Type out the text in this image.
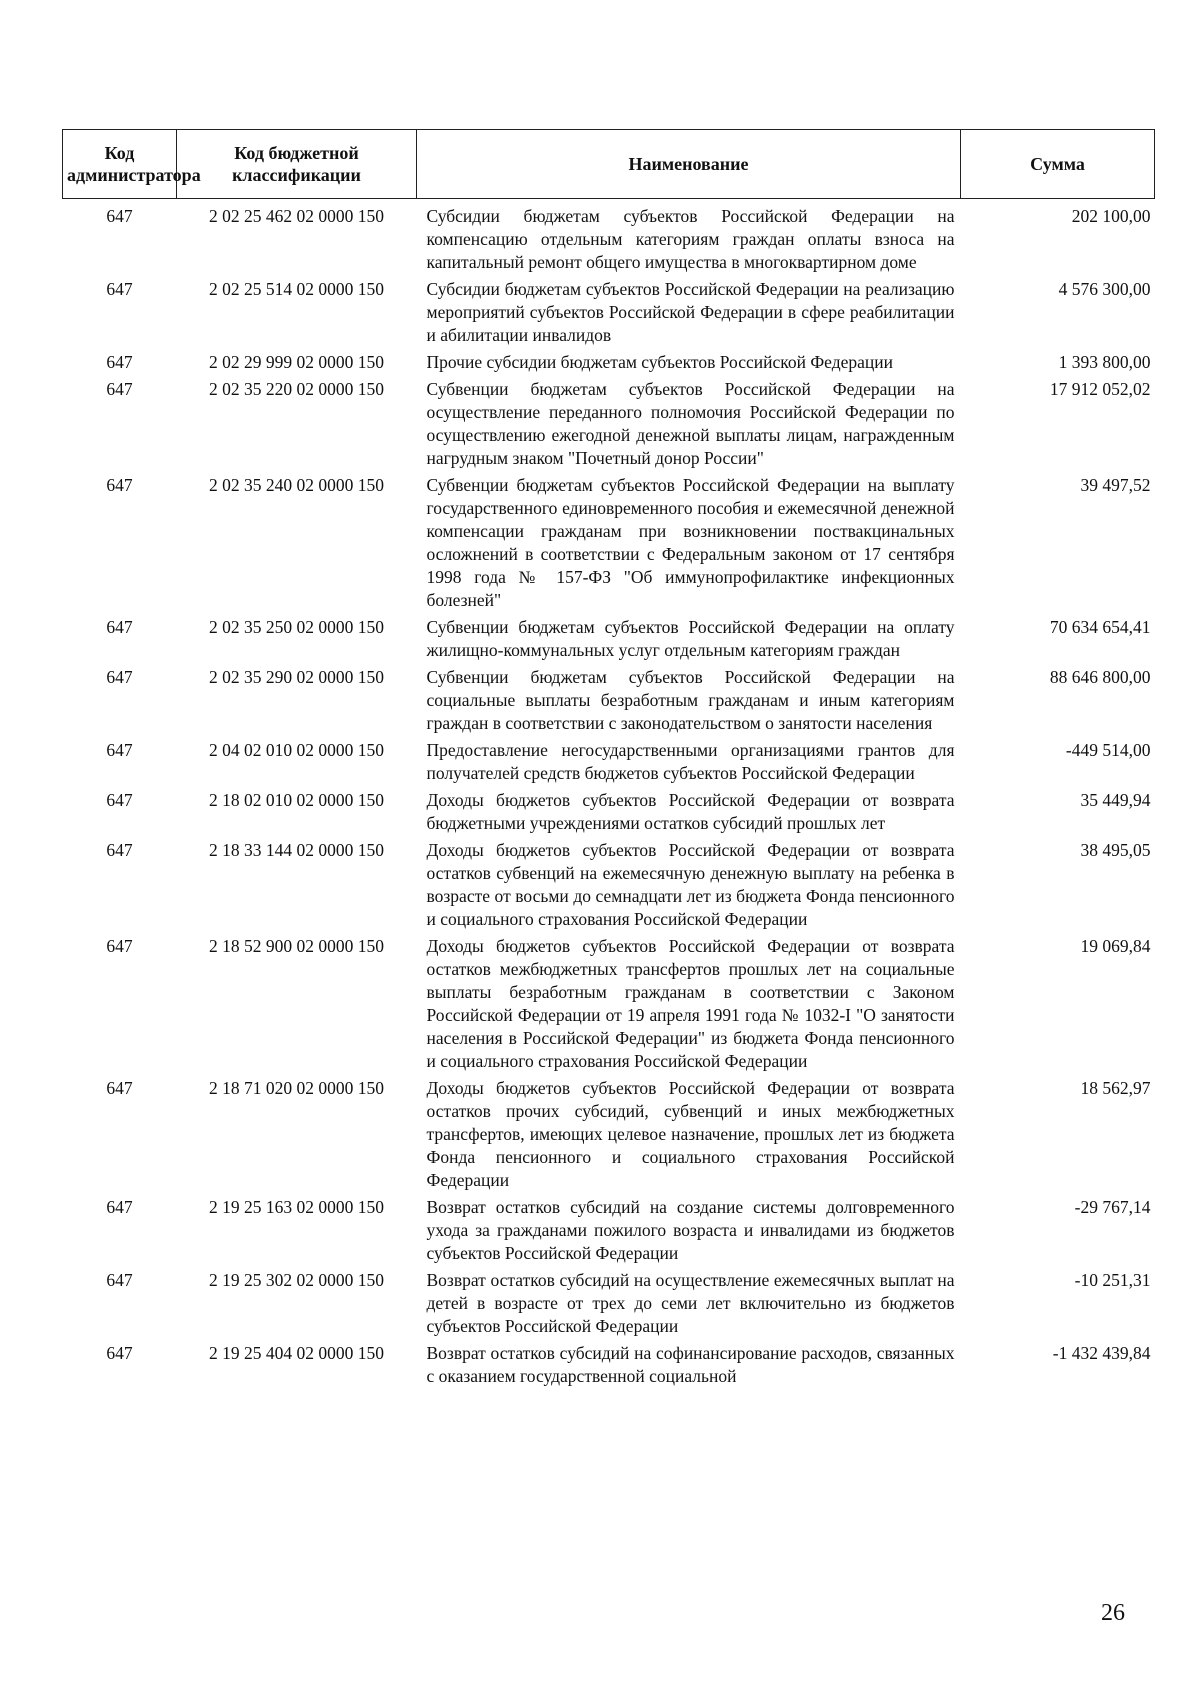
Код администратора	Код бюджетной классификации	Наименование	Сумма
647	2 02 25 462 02 0000 150	Субсидии бюджетам субъектов Российской Федерации на компенсацию отдельным категориям граждан оплаты взноса на капитальный ремонт общего имущества в многоквартирном доме	202 100,00
647	2 02 25 514 02 0000 150	Субсидии бюджетам субъектов Российской Федерации на реализацию мероприятий субъектов Российской Федерации в сфере реабилитации и абилитации инвалидов	4 576 300,00
647	2 02 29 999 02 0000 150	Прочие субсидии бюджетам субъектов Российской Федерации	1 393 800,00
647	2 02 35 220 02 0000 150	Субвенции бюджетам субъектов Российской Федерации на осуществление переданного полномочия Российской Федерации по осуществлению ежегодной денежной выплаты лицам, награжденным нагрудным знаком "Почетный донор России"	17 912 052,02
647	2 02 35 240 02 0000 150	Субвенции бюджетам субъектов Российской Федерации на выплату государственного единовременного пособия и ежемесячной денежной компенсации гражданам при возникновении поствакцинальных осложнений в соответствии с Федеральным законом от 17 сентября 1998 года № 157-ФЗ "Об иммунопрофилактике инфекционных болезней"	39 497,52
647	2 02 35 250 02 0000 150	Субвенции бюджетам субъектов Российской Федерации на оплату жилищно-коммунальных услуг отдельным категориям граждан	70 634 654,41
647	2 02 35 290 02 0000 150	Субвенции бюджетам субъектов Российской Федерации на социальные выплаты безработным гражданам и иным категориям граждан в соответствии с законодательством о занятости населения	88 646 800,00
647	2 04 02 010 02 0000 150	Предоставление негосударственными организациями грантов для получателей средств бюджетов субъектов Российской Федерации	-449 514,00
647	2 18 02 010 02 0000 150	Доходы бюджетов субъектов Российской Федерации от возврата бюджетными учреждениями остатков субсидий прошлых лет	35 449,94
647	2 18 33 144 02 0000 150	Доходы бюджетов субъектов Российской Федерации от возврата остатков субвенций на ежемесячную денежную выплату на ребенка в возрасте от восьми до семнадцати лет из бюджета Фонда пенсионного и социального страхования Российской Федерации	38 495,05
647	2 18 52 900 02 0000 150	Доходы бюджетов субъектов Российской Федерации от возврата остатков межбюджетных трансфертов прошлых лет на социальные выплаты безработным гражданам в соответствии с Законом Российской Федерации от 19 апреля 1991 года № 1032-I "О занятости населения в Российской Федерации" из бюджета Фонда пенсионного и социального страхования Российской Федерации	19 069,84
647	2 18 71 020 02 0000 150	Доходы бюджетов субъектов Российской Федерации от возврата остатков прочих субсидий, субвенций и иных межбюджетных трансфертов, имеющих целевое назначение, прошлых лет из бюджета Фонда пенсионного и социального страхования Российской Федерации	18 562,97
647	2 19 25 163 02 0000 150	Возврат остатков субсидий на создание системы долговременного ухода за гражданами пожилого возраста и инвалидами из бюджетов субъектов Российской Федерации	-29 767,14
647	2 19 25 302 02 0000 150	Возврат остатков субсидий на осуществление ежемесячных выплат на детей в возрасте от трех до семи лет включительно из бюджетов субъектов Российской Федерации	-10 251,31
647	2 19 25 404 02 0000 150	Возврат остатков субсидий на софинансирование расходов, связанных с оказанием государственной социальной	-1 432 439,84
26
